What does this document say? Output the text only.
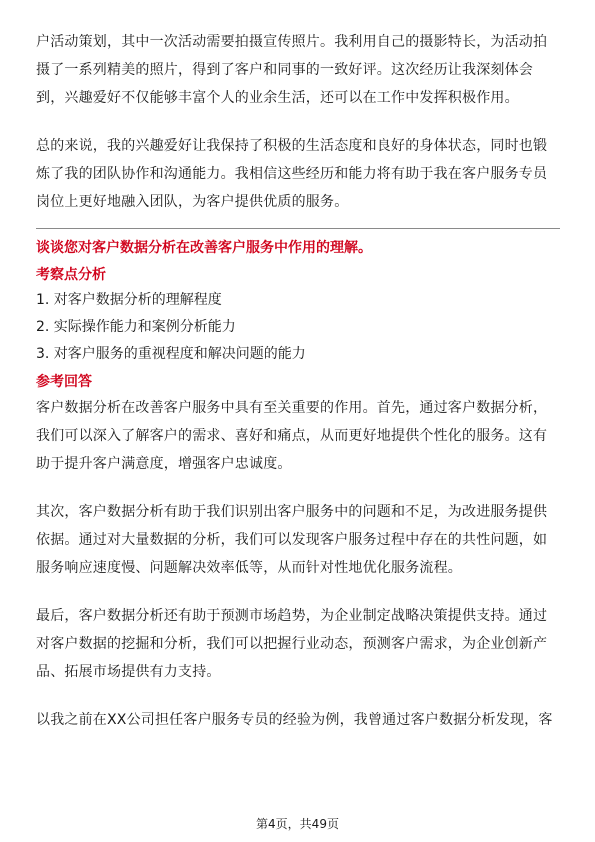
户活动策划，其中一次活动需要拍摄宣传照片。我利用自己的摄影特长，为活动拍摄了一系列精美的照片，得到了客户和同事的一致好评。这次经历让我深刻体会到，兴趣爱好不仅能够丰富个人的业余生活，还可以在工作中发挥积极作用。

总的来说，我的兴趣爱好让我保持了积极的生活态度和良好的身体状态，同时也锻炼了我的团队协作和沟通能力。我相信这些经历和能力将有助于我在客户服务专员岗位上更好地融入团队，为客户提供优质的服务。

谈谈您对客户数据分析在改善客户服务中作用的理解。

考察点分析

1. 对客户数据分析的理解程度

2. 实际操作能力和案例分析能力

3. 对客户服务的重视程度和解决问题的能力

参考回答

客户数据分析在改善客户服务中具有至关重要的作用。首先，通过客户数据分析，我们可以深入了解客户的需求、喜好和痛点，从而更好地提供个性化的服务。这有助于提升客户满意度，增强客户忠诚度。

其次，客户数据分析有助于我们识别出客户服务中的问题和不足，为改进服务提供依据。通过对大量数据的分析，我们可以发现客户服务过程中存在的共性问题，如服务响应速度慢、问题解决效率低等，从而针对性地优化服务流程。

最后，客户数据分析还有助于预测市场趋势，为企业制定战略决策提供支持。通过对客户数据的挖掘和分析，我们可以把握行业动态，预测客户需求，为企业创新产品、拓展市场提供有力支持。

以我之前在XX公司担任客户服务专员的经验为例，我曾通过客户数据分析发现，客

第4页，共49页
